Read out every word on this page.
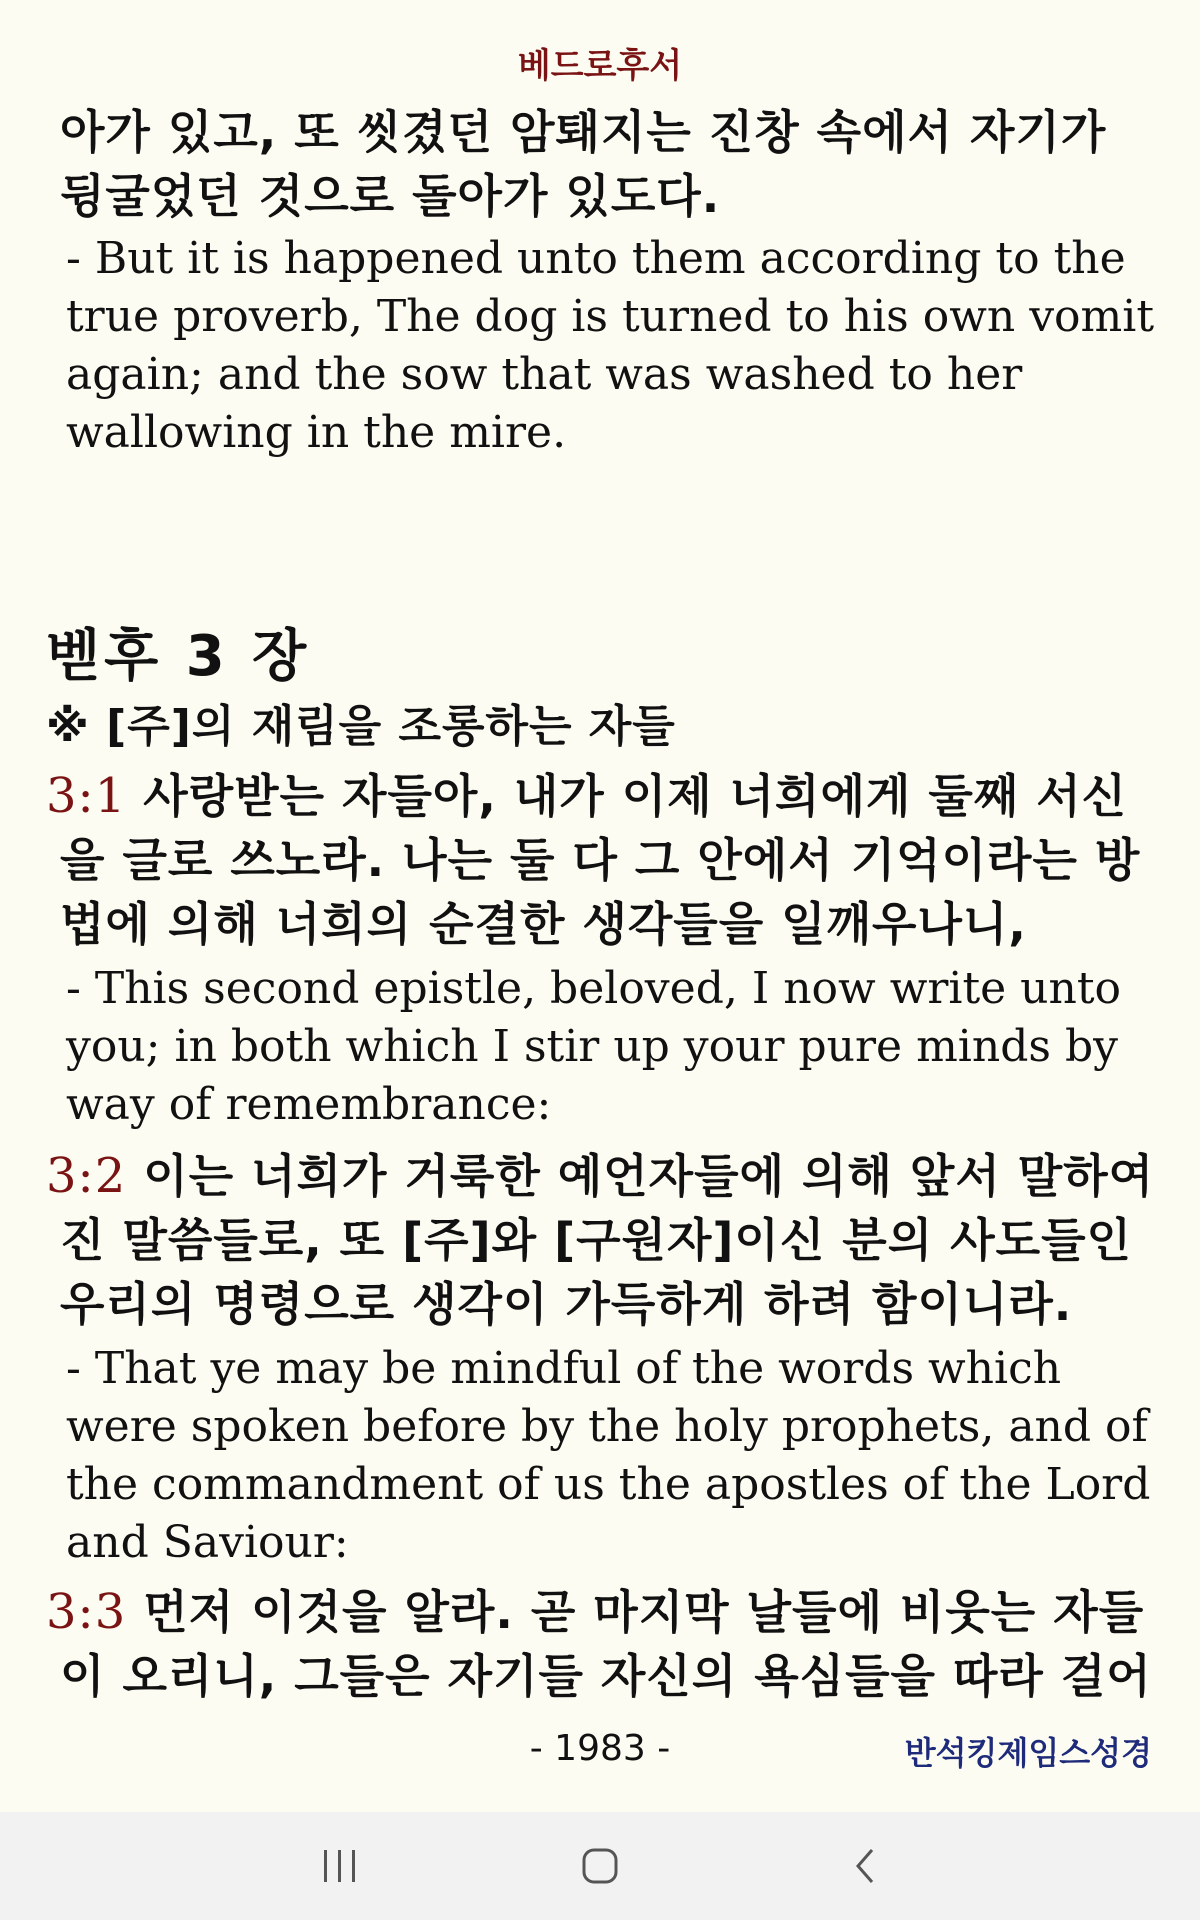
베드로후서
아가 있고, 또 씻겼던 암퇘지는 진창 속에서 자기가
뒹굴었던 것으로 돌아가 있도다.
- But it is happened unto them according to the
true proverb, The dog is turned to his own vomit
again; and the sow that was washed to her
wallowing in the mire.
벧후 3 장
※ [주]의 재림을 조롱하는 자들
3:1 사랑받는 자들아, 내가 이제 너희에게 둘째 서신
을 글로 쓰노라. 나는 둘 다 그 안에서 기억이라는 방
법에 의해 너희의 순결한 생각들을 일깨우나니,
- This second epistle, beloved, I now write unto
you; in both which I stir up your pure minds by
way of remembrance:
3:2 이는 너희가 거룩한 예언자들에 의해 앞서 말하여
진 말씀들로, 또 [주]와 [구원자]이신 분의 사도들인
우리의 명령으로 생각이 가득하게 하려 함이니라.
- That ye may be mindful of the words which
were spoken before by the holy prophets, and of
the commandment of us the apostles of the Lord
and Saviour:
3:3 먼저 이것을 알라. 곧 마지막 날들에 비웃는 자들
이 오리니, 그들은 자기들 자신의 욕심들을 따라 걸어
- 1983 -	반석킹제임스성경
